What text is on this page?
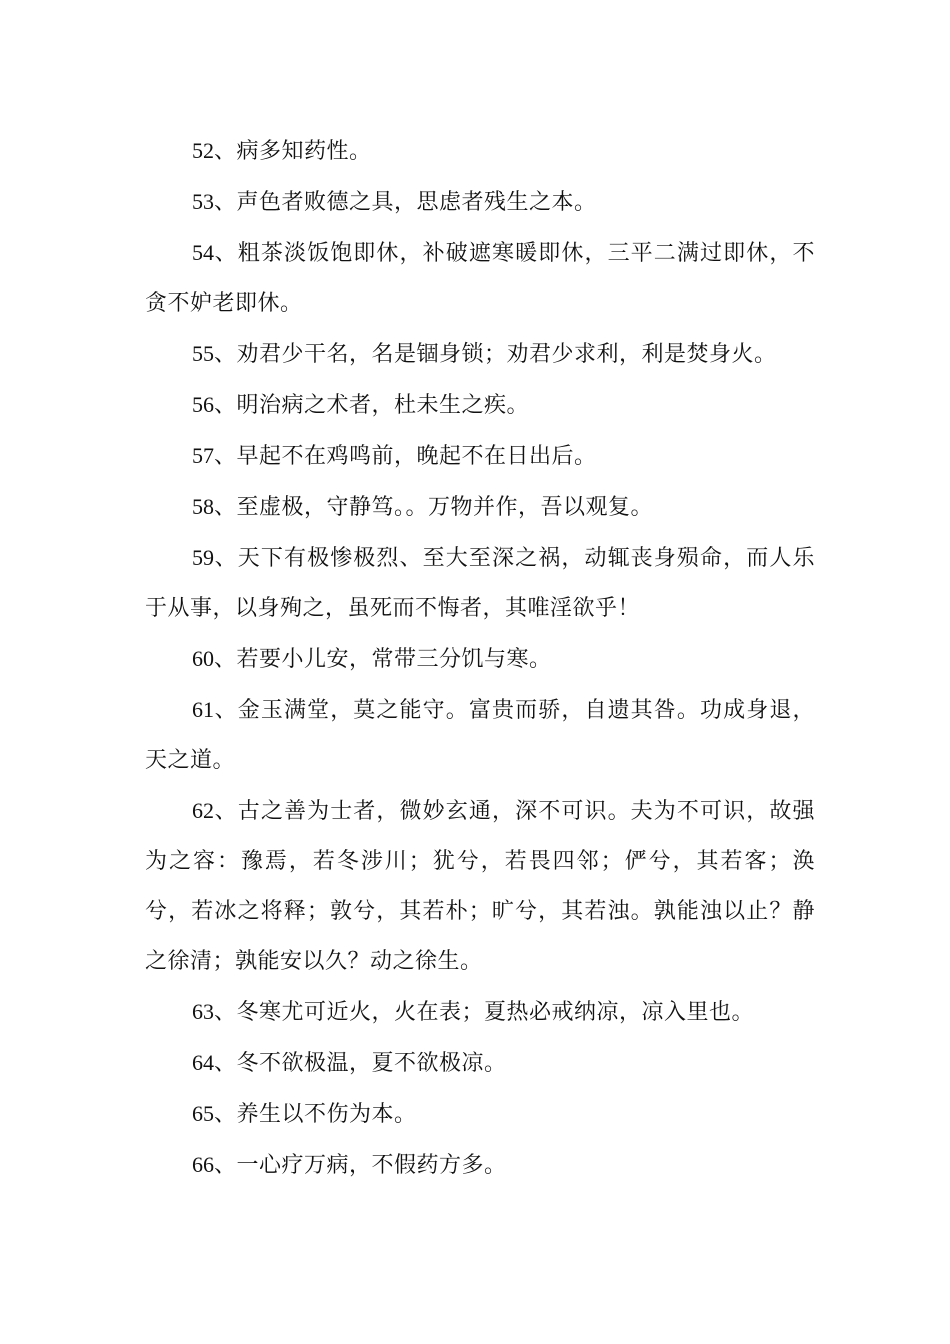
52、病多知药性。

53、声色者败德之具，思虑者残生之本。

54、粗茶淡饭饱即休，补破遮寒暖即休，三平二满过即休，不贪不妒老即休。

55、劝君少干名，名是锢身锁；劝君少求利，利是焚身火。

56、明治病之术者，杜未生之疾。

57、早起不在鸡鸣前，晚起不在日出后。

58、至虚极，守静笃。。万物并作，吾以观复。

59、天下有极惨极烈、至大至深之祸，动辄丧身殒命，而人乐于从事，以身殉之，虽死而不悔者，其唯淫欲乎！

60、若要小儿安，常带三分饥与寒。

61、金玉满堂，莫之能守。富贵而骄，自遗其咎。功成身退，天之道。

62、古之善为士者，微妙玄通，深不可识。夫为不可识，故强为之容：豫焉，若冬涉川；犹兮，若畏四邻；俨兮，其若客；涣兮，若冰之将释；敦兮，其若朴；旷兮，其若浊。孰能浊以止？静之徐清；孰能安以久？动之徐生。

63、冬寒尤可近火，火在表；夏热必戒纳凉，凉入里也。

64、冬不欲极温，夏不欲极凉。

65、养生以不伤为本。

66、一心疗万病，不假药方多。
